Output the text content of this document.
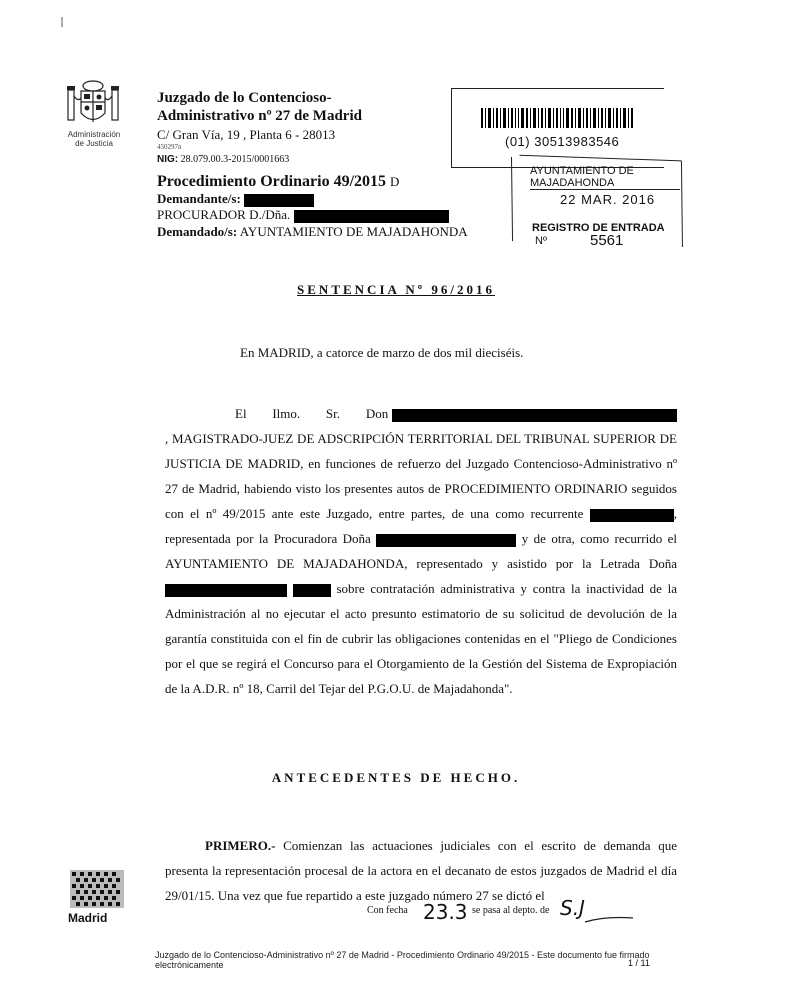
Administración
de Justicia
Juzgado de lo Contencioso-
Administrativo nº 27 de Madrid
C/ Gran Vía, 19 , Planta 6 - 28013
450297n
NIG: 28.079.00.3-2015/0001663
Procedimiento Ordinario 49/2015 D
Demandante/s:
PROCURADOR D./Dña.
Demandado/s: AYUNTAMIENTO DE MAJADAHONDA
(01) 30513983546
AYUNTAMIENTO DE MAJADAHONDA
22 MAR. 2016
REGISTRO DE ENTRADA
Nº	5561
SENTENCIA Nº 96/2016
En MADRID, a catorce de marzo de dos mil dieciséis.
El Ilmo. Sr. Don , MAGISTRADO-JUEZ DE ADSCRIPCIÓN TERRITORIAL DEL TRIBUNAL SUPERIOR DE JUSTICIA DE MADRID, en funciones de refuerzo del Juzgado Contencioso-Administrativo nº 27 de Madrid, habiendo visto los presentes autos de PROCEDIMIENTO ORDINARIO seguidos con el nº 49/2015 ante este Juzgado, entre partes, de una como recurrente	, representada por la Procuradora Doña	y de otra, como recurrido el AYUNTAMIENTO DE MAJADAHONDA, representado y asistido por la Letrada Doña   sobre contratación administrativa y contra la inactividad de la Administración al no ejecutar el acto presunto estimatorio de su solicitud de devolución de la garantía constituida con el fin de cubrir las obligaciones contenidas en el "Pliego de Condiciones por el que se regirá el Concurso para el Otorgamiento de la Gestión del Sistema de Expropiación de la A.D.R. nº 18, Carril del Tejar del P.G.O.U. de Majadahonda".
ANTECEDENTES DE HECHO.
PRIMERO.- Comienzan las actuaciones judiciales con el escrito de demanda que presenta la representación procesal de la actora en el decanato de estos juzgados de Madrid el día 29/01/15. Una vez que fue repartido a este juzgado número 27 se dictó el
Madrid
Con fecha 23.3 se pasa al depto. de S.J
Juzgado de lo Contencioso-Administrativo nº 27 de Madrid - Procedimiento Ordinario 49/2015 - Este documento fue firmado electrónicamente	1 / 11
